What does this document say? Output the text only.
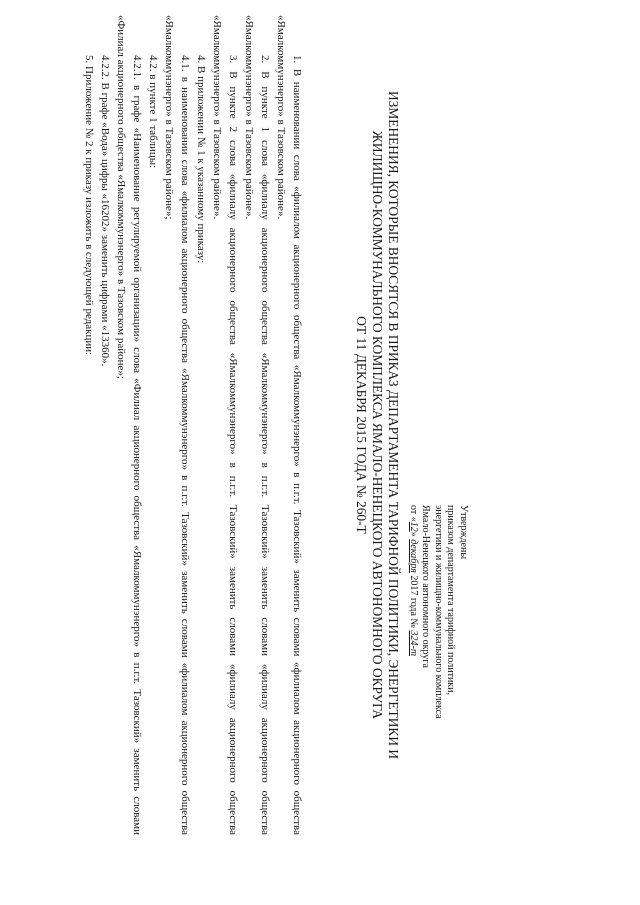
Утверждены
приказом департамента тарифной политики,
энергетики и жилищно-коммунального комплекса
Ямало-Ненецкого автономного округа
от «12» декабря 2017 года № 324-т
ИЗМЕНЕНИЯ, КОТОРЫЕ ВНОСЯТСЯ В ПРИКАЗ ДЕПАРТАМЕНТА ТАРИФНОЙ ПОЛИТИКИ, ЭНЕРГЕТИКИ И
ЖИЛИЩНО-КОММУНАЛЬНОГО КОМПЛЕКСА ЯМАЛО-НЕНЕЦКОГО АВТОНОМНОГО ОКРУГА
ОТ 11 ДЕКАБРЯ 2015 ГОДА № 260-Т

1. В наименовании слова «филиалом акционерного общества «Ямалкоммунэнерго» в п.г.т. Тазовский» заменить словами «филиалом акционерного общества «Ямалкоммунэнерго» в Тазовском районе».

2. В пункте 1 слова «филиалу акционерного общества «Ямалкоммунэнерго» в п.г.т. Тазовский» заменить словами «филиалу акционерного общества «Ямалкоммунэнерго» в Тазовском районе».

3. В пункте 2 слова «филиалу акционерного общества «Ямалкоммунэнерго» в п.г.т. Тазовский» заменить словами «филиалу акционерного общества «Ямалкоммунэнерго» в Тазовском районе».

4. В приложении № 1 к указанному приказу:

4.1. в наименовании слова «филиалом акционерного общества «Ямалкоммунэнерго» в п.г.т. Тазовский» заменить словами «филиалом акционерного общества «Ямалкоммунэнерго» в Тазовском районе»;

4.2. в пункте 1 таблицы:

4.2.1. в графе «Наименование регулируемой организации» слова «Филиал акционерного общества «Ямалкоммунэнерго» в п.г.т. Тазовский» заменить словами «Филиал акционерного общества «Ямалкоммунэнерго» в Тазовском районе»;

4.2.2. В графе «Вода» цифры «16202» заменить цифрами «13360».

5. Приложение № 2 к приказу изложить в следующей редакции:
